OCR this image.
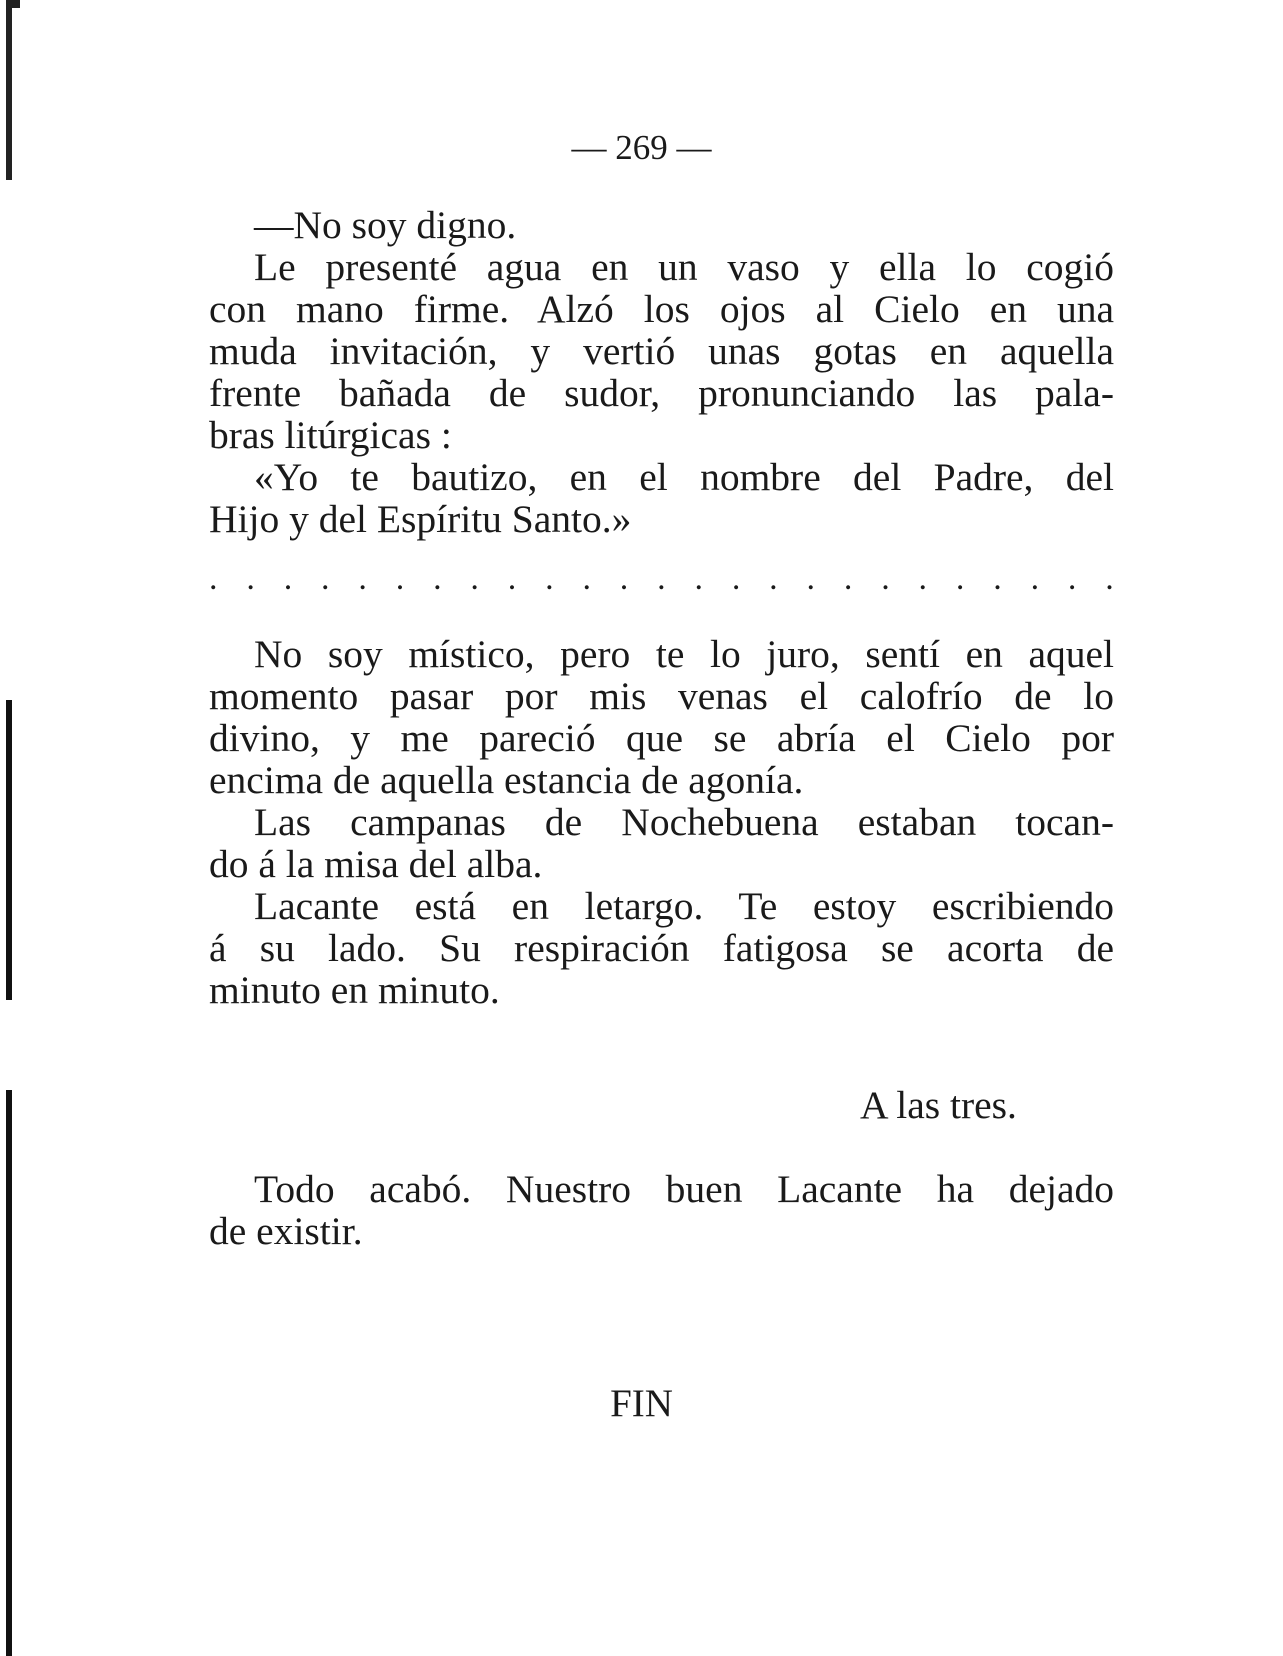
— 269 —
—No soy digno.
Le presenté agua en un vaso y ella lo cogió
con mano firme. Alzó los ojos al Cielo en una
muda invitación, y vertió unas gotas en aquella
frente bañada de sudor, pronunciando las pala-
bras litúrgicas :
«Yo te bautizo, en el nombre del Padre, del
Hijo y del Espíritu Santo.»
. . . . . . . . . . . . . . . . . . . . . . . . .
No soy místico, pero te lo juro, sentí en aquel
momento pasar por mis venas el calofrío de lo
divino, y me pareció que se abría el Cielo por
encima de aquella estancia de agonía.
Las campanas de Nochebuena estaban tocan-
do á la misa del alba.
Lacante está en letargo. Te estoy escribiendo
á su lado. Su respiración fatigosa se acorta de
minuto en minuto.
A las tres.
Todo acabó. Nuestro buen Lacante ha dejado
de existir.
FIN
